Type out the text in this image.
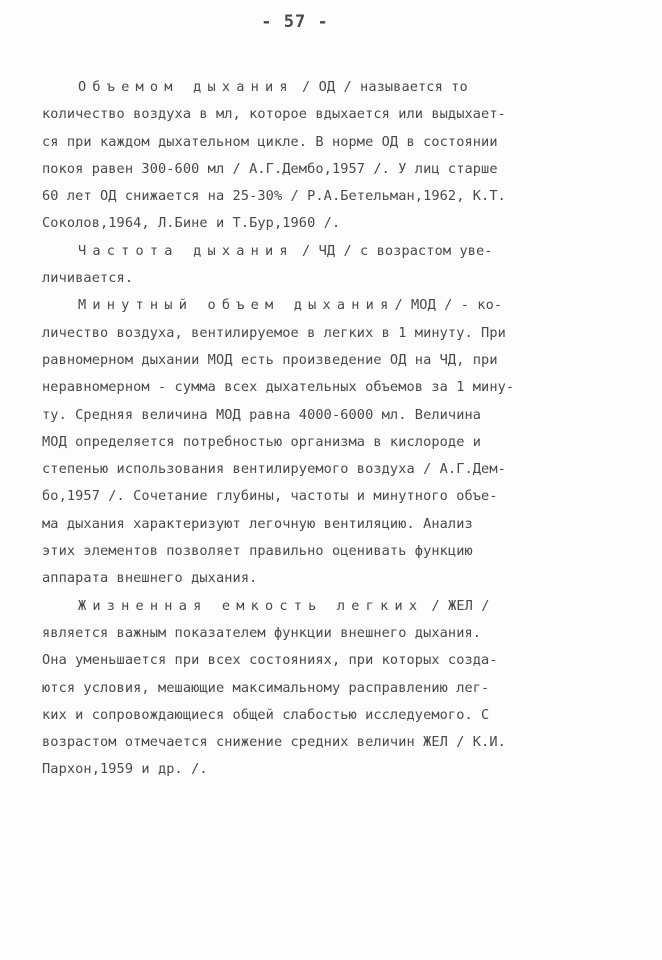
- 57 -
Объемом дыхания / ОД / называется то
количество воздуха в мл, которое вдыхается или выдыхает-
ся при каждом дыхательном цикле. В норме ОД в состоянии
покоя равен 300-600 мл / А.Г.Дембо,1957 /. У лиц старше
60 лет ОД снижается на 25-30% / Р.А.Бетельман,1962, К.Т.
Соколов,1964, Л.Бине и Т.Бур,1960 /.
Частота дыхания / ЧД / с возрастом уве-
личивается.
Минутный объем дыхания/ МОД / - ко-
личество воздуха, вентилируемое в легких в 1 минуту. При
равномерном дыхании МОД есть произведение ОД на ЧД, при
неравномерном - сумма всех дыхательных объемов за 1 мину-
ту. Средняя величина МОД равна 4000-6000 мл. Величина
МОД определяется потребностью организма в кислороде и
степенью использования вентилируемого воздуха / А.Г.Дем-
бо,1957 /. Сочетание глубины, частоты и минутного объе-
ма дыхания характеризуют легочную вентиляцию. Анализ
этих элементов позволяет правильно оценивать функцию
аппарата внешнего дыхания.
Жизненная емкость легких / ЖЕЛ /
является важным показателем функции внешнего дыхания.
Она уменьшается при всех состояниях, при которых созда-
ются условия, мешающие максимальному расправлению лег-
ких и сопровождающиеся общей слабостью исследуемого. С
возрастом отмечается снижение средних величин ЖЕЛ / К.И.
Пархон,1959 и др. /.
